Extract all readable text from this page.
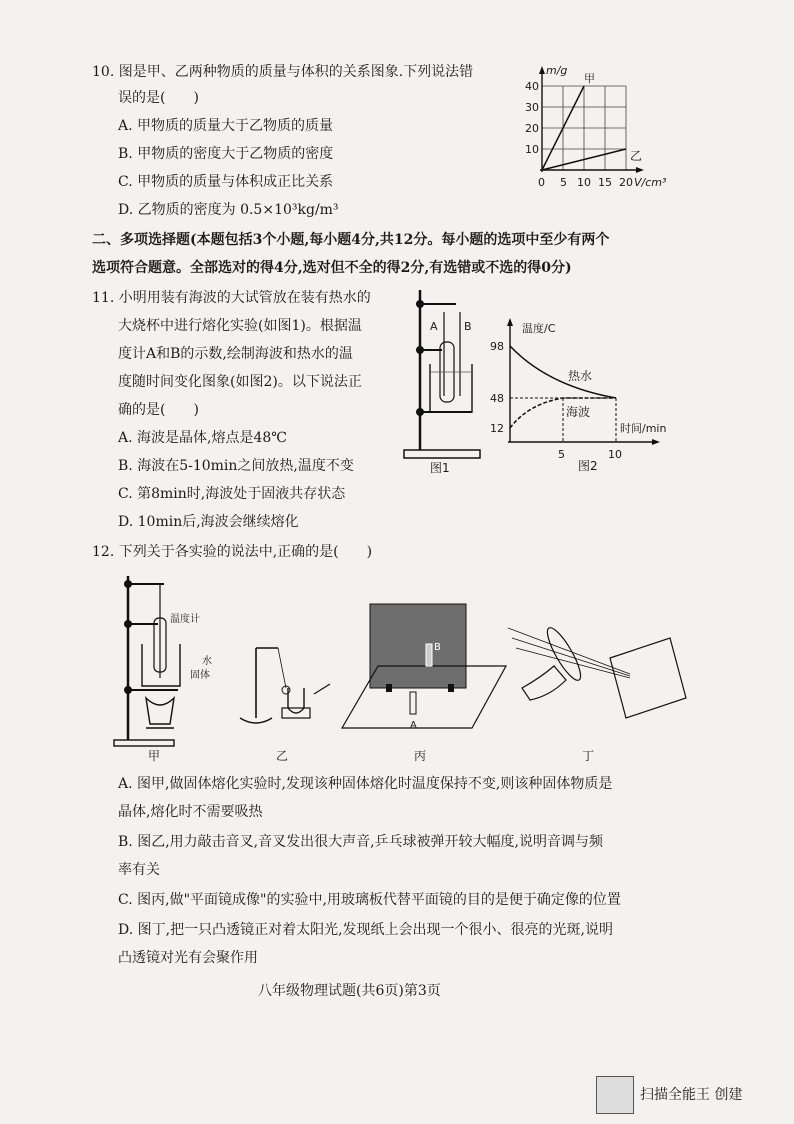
10. 图是甲、乙两种物质的质量与体积的关系图象.下列说法错
误的是(　　)
A. 甲物质的质量大于乙物质的质量
B. 甲物质的密度大于乙物质的密度
C. 甲物质的质量与体积成正比关系
D. 乙物质的密度为 0.5×10³kg/m³
m/g
甲
乙
40
30
20
10
0 5 10 15 20 V/cm³
二、多项选择题(本题包括3个小题,每小题4分,共12分。每小题的选项中至少有两个
选项符合题意。全部选对的得4分,选对但不全的得2分,有选错或不选的得0分)
11. 小明用装有海波的大试管放在装有热水的
大烧杯中进行熔化实验(如图1)。根据温
度计A和B的示数,绘制海波和热水的温
度随时间变化图象(如图2)。以下说法正
确的是(　　)
A. 海波是晶体,熔点是48℃
B. 海波在5-10min之间放热,温度不变
C. 第8min时,海波处于固液共存状态
D. 10min后,海波会继续熔化
A B
图1
温度/C
98
48
12
热水
海波
时间/min
5	10
图2
12. 下列关于各实验的说法中,正确的是(　　)
温度计
水
固体
甲	乙
A
B
丙	丁
A. 图甲,做固体熔化实验时,发现该种固体熔化时温度保持不变,则该种固体物质是
晶体,熔化时不需要吸热
B. 图乙,用力敲击音叉,音叉发出很大声音,乒乓球被弹开较大幅度,说明音调与频
率有关
C. 图丙,做"平面镜成像"的实验中,用玻璃板代替平面镜的目的是便于确定像的位置
D. 图丁,把一只凸透镜正对着太阳光,发现纸上会出现一个很小、很亮的光斑,说明
凸透镜对光有会聚作用
八年级物理试题(共6页)第3页
扫描全能王 创建
